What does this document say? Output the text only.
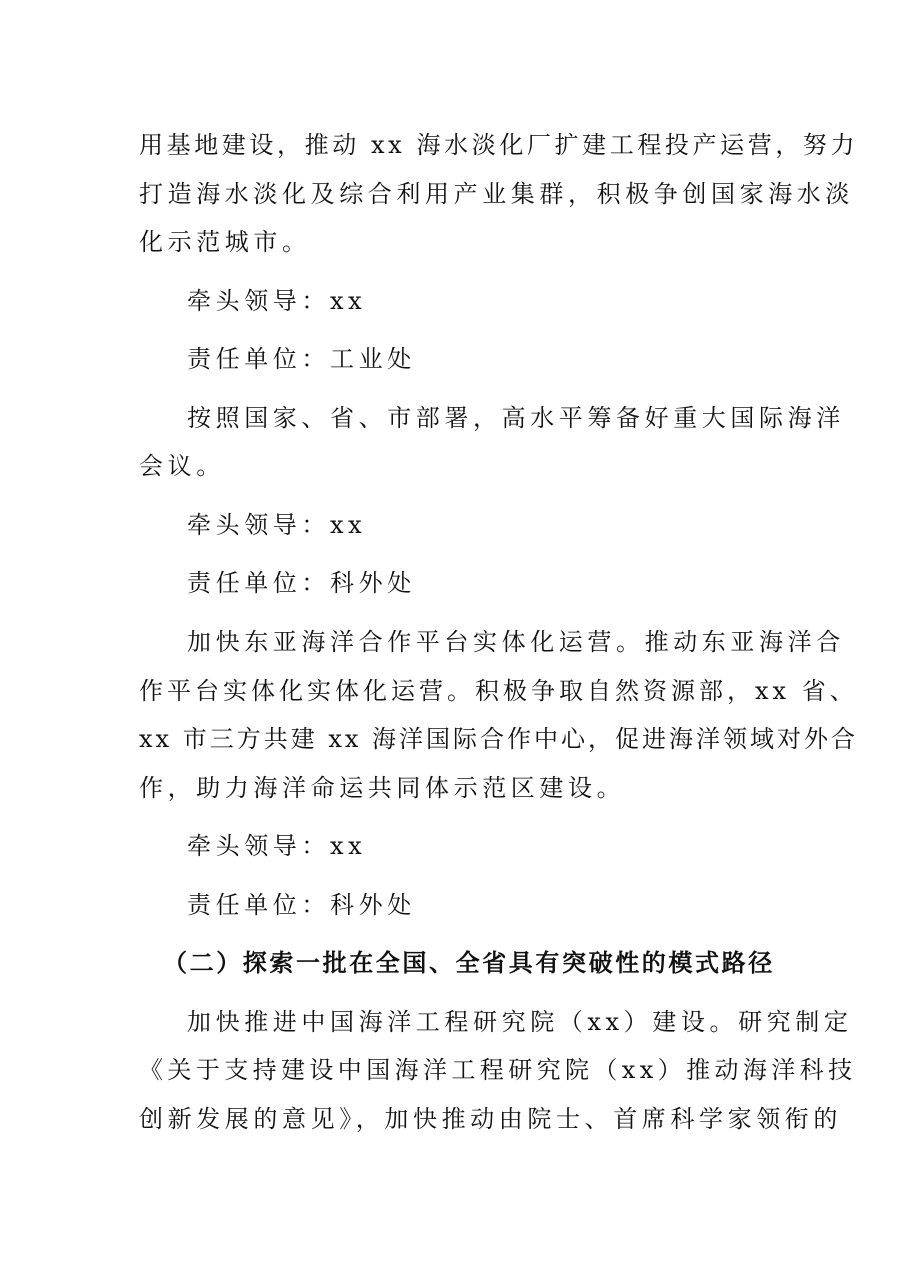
用基地建设，推动 xx 海水淡化厂扩建工程投产运营，努力
打造海水淡化及综合利用产业集群，积极争创国家海水淡
化示范城市。
牵头领导：xx
责任单位：工业处
按照国家、省、市部署，高水平筹备好重大国际海洋
会议。
牵头领导：xx
责任单位：科外处
加快东亚海洋合作平台实体化运营。推动东亚海洋合
作平台实体化实体化运营。积极争取自然资源部，xx 省、
xx 市三方共建 xx 海洋国际合作中心，促进海洋领域对外合
作，助力海洋命运共同体示范区建设。
牵头领导：xx
责任单位：科外处
（二）探索一批在全国、全省具有突破性的模式路径
加快推进中国海洋工程研究院（xx）建设。研究制定
《关于支持建设中国海洋工程研究院（xx）推动海洋科技
创新发展的意见》，加快推动由院士、首席科学家领衔的
